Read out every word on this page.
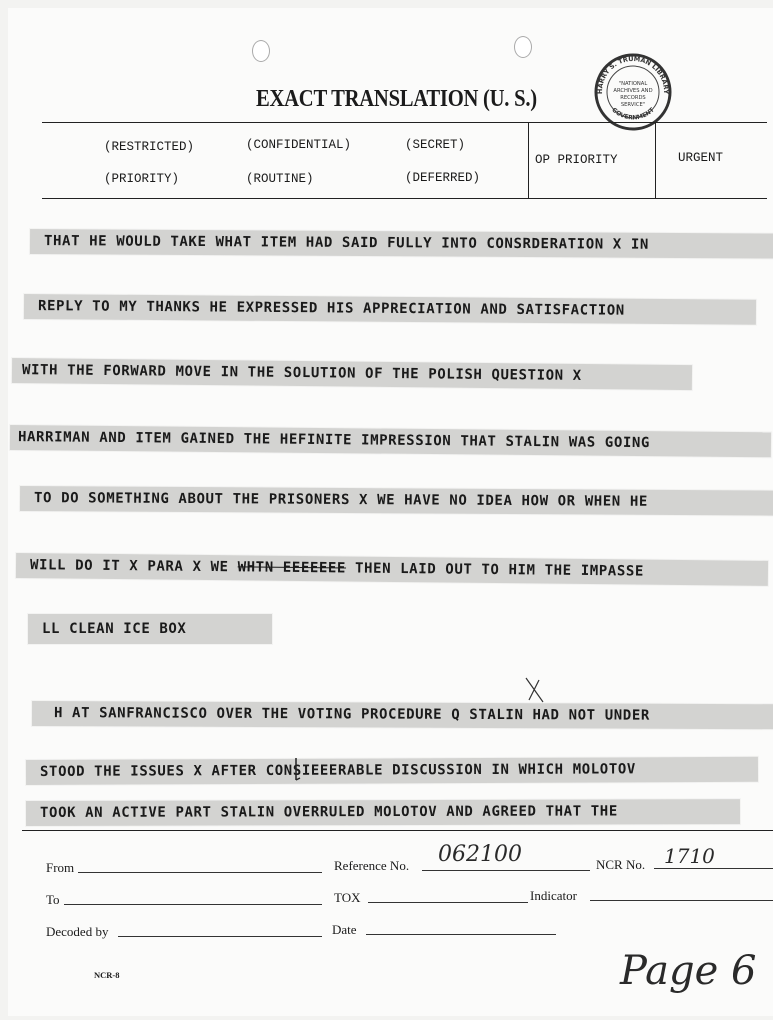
EXACT TRANSLATION (U. S.)	HARRY S. TRUMAN LIBRARY
GOVERNMENT
"NATIONAL
ARCHIVES AND
RECORDS
SERVICE"
(RESTRICTED)	(CONFIDENTIAL)	(SECRET)
(PRIORITY)	(ROUTINE)	(DEFERRED)
OP PRIORITY	URGENT
THAT HE WOULD TAKE WHAT ITEM HAD SAID FULLY INTO CONSRDERATION X IN
REPLY TO MY THANKS HE EXPRESSED HIS APPRECIATION AND SATISFACTION
WITH THE FORWARD MOVE IN THE SOLUTION OF THE POLISH QUESTION X
HARRIMAN AND ITEM GAINED THE HEFINITE IMPRESSION THAT STALIN WAS GOING
TO DO SOMETHING ABOUT THE PRISONERS X WE HAVE NO IDEA HOW OR WHEN HE
WILL DO IT X PARA X WE WHTN EEEEEEE THEN LAID OUT TO HIM THE IMPASSE
LL CLEAN ICE BOX
H AT SANFRANCISCO OVER THE VOTING PROCEDURE Q STALIN HAD NOT UNDER
STOOD THE ISSUES X AFTER CONSIEEERABLE DISCUSSION IN WHICH MOLOTOV
TOOK AN ACTIVE PART STALIN OVERRULED MOLOTOV AND AGREED THAT THE
From	Reference No. 062100	NCR No. 1710
To	TOX	Indicator
Decoded by	Date
NCR-8	Page 6
